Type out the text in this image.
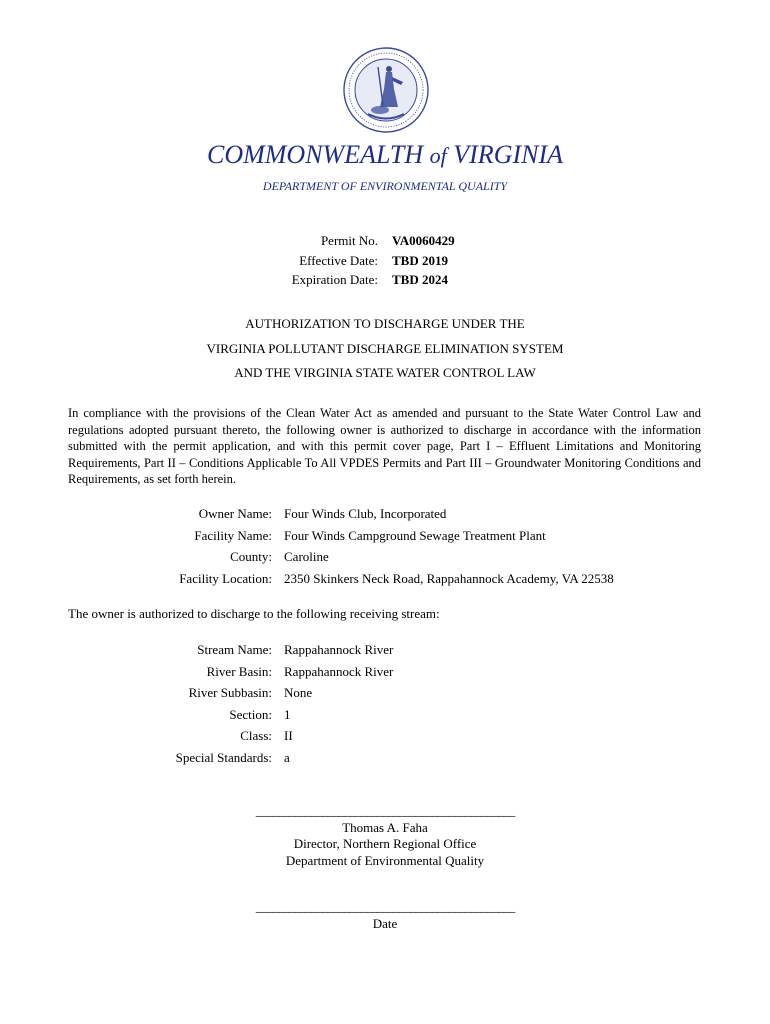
COMMONWEALTH of VIRGINIA
DEPARTMENT OF ENVIRONMENTAL QUALITY
Permit No. VA0060429
Effective Date: TBD 2019
Expiration Date: TBD 2024
AUTHORIZATION TO DISCHARGE UNDER THE
VIRGINIA POLLUTANT DISCHARGE ELIMINATION SYSTEM
AND THE VIRGINIA STATE WATER CONTROL LAW
In compliance with the provisions of the Clean Water Act as amended and pursuant to the State Water Control Law and regulations adopted pursuant thereto, the following owner is authorized to discharge in accordance with the information submitted with the permit application, and with this permit cover page, Part I – Effluent Limitations and Monitoring Requirements, Part II – Conditions Applicable To All VPDES Permits and Part III – Groundwater Monitoring Conditions and Requirements, as set forth herein.
Owner Name: Four Winds Club, Incorporated
Facility Name: Four Winds Campground Sewage Treatment Plant
County: Caroline
Facility Location: 2350 Skinkers Neck Road, Rappahannock Academy, VA 22538
The owner is authorized to discharge to the following receiving stream:
Stream Name: Rappahannock River
River Basin: Rappahannock River
River Subbasin: None
Section: 1
Class: II
Special Standards: a
_______________________________________________
Thomas A. Faha
Director, Northern Regional Office
Department of Environmental Quality
_______________________________________________
Date
